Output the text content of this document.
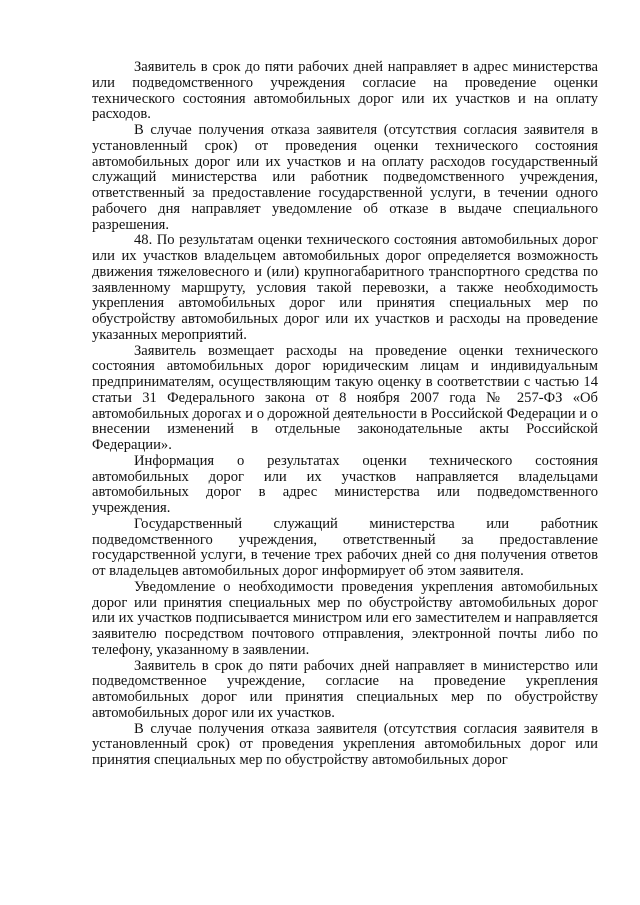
Заявитель в срок до пяти рабочих дней направляет в адрес министерства или подведомственного учреждения согласие на проведение оценки технического состояния автомобильных дорог или их участков и на оплату расходов.

В случае получения отказа заявителя (отсутствия согласия заявителя в установленный срок) от проведения оценки технического состояния автомобильных дорог или их участков и на оплату расходов государственный служащий министерства или работник подведомственного учреждения, ответственный за предоставление государственной услуги, в течении одного рабочего дня направляет уведомление об отказе в выдаче специального разрешения.

48. По результатам оценки технического состояния автомобильных дорог или их участков владельцем автомобильных дорог определяется возможность движения тяжеловесного и (или) крупногабаритного транспортного средства по заявленному маршруту, условия такой перевозки, а также необходимость укрепления автомобильных дорог или принятия специальных мер по обустройству автомобильных дорог или их участков и расходы на проведение указанных мероприятий.

Заявитель возмещает расходы на проведение оценки технического состояния автомобильных дорог юридическим лицам и индивидуальным предпринимателям, осуществляющим такую оценку в соответствии с частью 14 статьи 31 Федерального закона от 8 ноября 2007 года № 257-ФЗ «Об автомобильных дорогах и о дорожной деятельности в Российской Федерации и о внесении изменений в отдельные законодательные акты Российской Федерации».

Информация о результатах оценки технического состояния автомобильных дорог или их участков направляется владельцами автомобильных дорог в адрес министерства или подведомственного учреждения.

Государственный служащий министерства или работник подведомственного учреждения, ответственный за предоставление государственной услуги, в течение трех рабочих дней со дня получения ответов от владельцев автомобильных дорог информирует об этом заявителя.

Уведомление о необходимости проведения укрепления автомобильных дорог или принятия специальных мер по обустройству автомобильных дорог или их участков подписывается министром или его заместителем и направляется заявителю посредством почтового отправления, электронной почты либо по телефону, указанному в заявлении.

Заявитель в срок до пяти рабочих дней направляет в министерство или подведомственное учреждение, согласие на проведение укрепления автомобильных дорог или принятия специальных мер по обустройству автомобильных дорог или их участков.

В случае получения отказа заявителя (отсутствия согласия заявителя в установленный срок) от проведения укрепления автомобильных дорог или принятия специальных мер по обустройству автомобильных дорог
